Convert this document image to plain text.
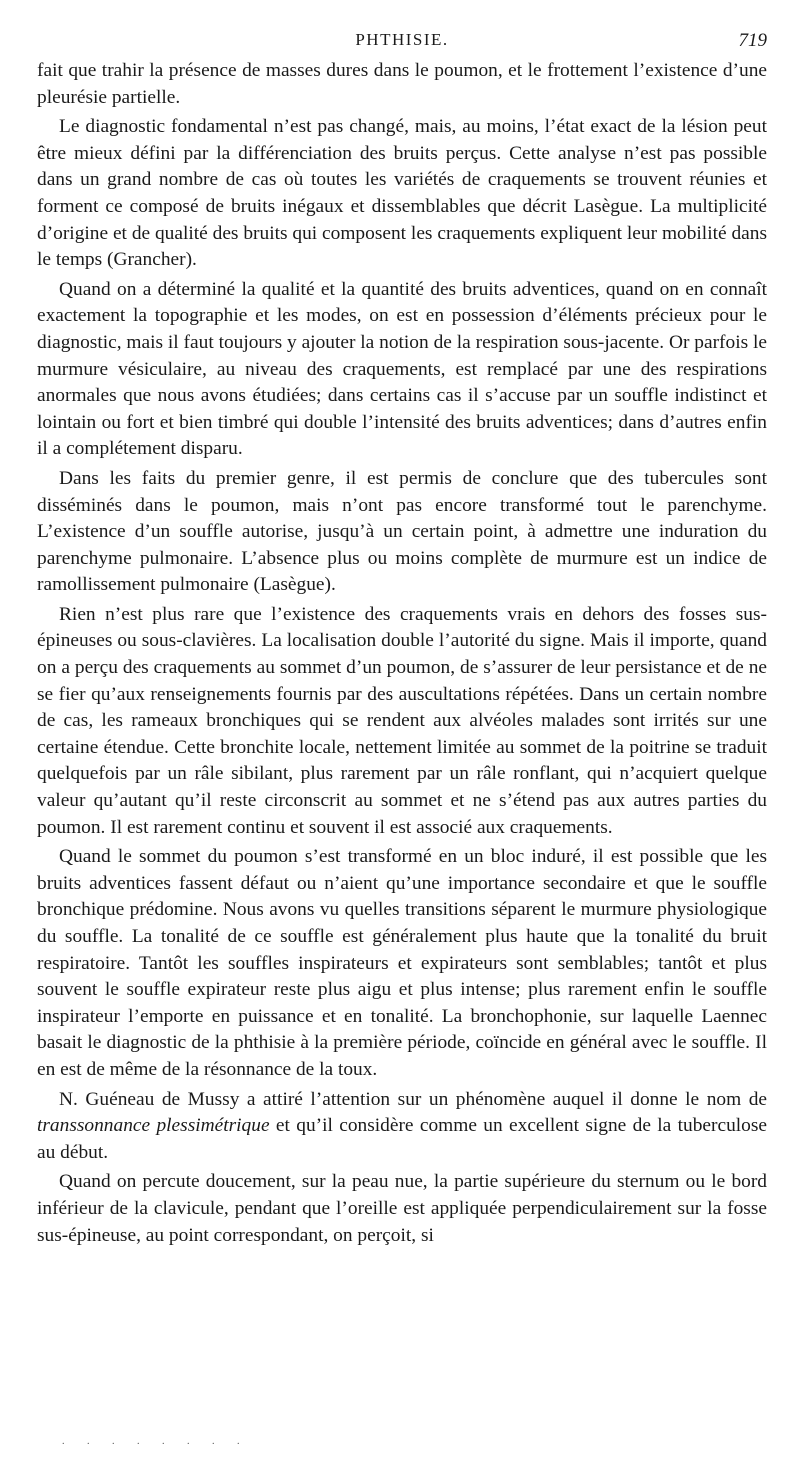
PHTHISIE.	719

fait que trahir la présence de masses dures dans le poumon, et le frottement l’existence d’une pleurésie partielle.

Le diagnostic fondamental n’est pas changé, mais, au moins, l’état exact de la lésion peut être mieux défini par la différenciation des bruits perçus. Cette analyse n’est pas possible dans un grand nombre de cas où toutes les variétés de craquements se trouvent réunies et forment ce composé de bruits inégaux et dissemblables que décrit Lasègue. La multiplicité d’origine et de qualité des bruits qui composent les craquements expliquent leur mobilité dans le temps (Grancher).

Quand on a déterminé la qualité et la quantité des bruits adventices, quand on en connaît exactement la topographie et les modes, on est en possession d’éléments précieux pour le diagnostic, mais il faut toujours y ajouter la notion de la respiration sous-jacente. Or parfois le murmure vésiculaire, au niveau des craquements, est remplacé par une des respirations anormales que nous avons étudiées; dans certains cas il s’accuse par un souffle indistinct et lointain ou fort et bien timbré qui double l’intensité des bruits adventices; dans d’autres enfin il a complétement disparu.

Dans les faits du premier genre, il est permis de conclure que des tubercules sont disséminés dans le poumon, mais n’ont pas encore transformé tout le parenchyme. L’existence d’un souffle autorise, jusqu’à un certain point, à admettre une induration du parenchyme pulmonaire. L’absence plus ou moins complète de murmure est un indice de ramollissement pulmonaire (Lasègue).

Rien n’est plus rare que l’existence des craquements vrais en dehors des fosses sus-épineuses ou sous-clavières. La localisation double l’autorité du signe. Mais il importe, quand on a perçu des craquements au sommet d’un poumon, de s’assurer de leur persistance et de ne se fier qu’aux renseignements fournis par des auscultations répétées. Dans un certain nombre de cas, les rameaux bronchiques qui se rendent aux alvéoles malades sont irrités sur une certaine étendue. Cette bronchite locale, nettement limitée au sommet de la poitrine se traduit quelquefois par un râle sibilant, plus rarement par un râle ronflant, qui n’acquiert quelque valeur qu’autant qu’il reste circonscrit au sommet et ne s’étend pas aux autres parties du poumon. Il est rarement continu et souvent il est associé aux craquements.

Quand le sommet du poumon s’est transformé en un bloc induré, il est possible que les bruits adventices fassent défaut ou n’aient qu’une importance secondaire et que le souffle bronchique prédomine. Nous avons vu quelles transitions séparent le murmure physiologique du souffle. La tonalité de ce souffle est généralement plus haute que la tonalité du bruit respiratoire. Tantôt les souffles inspirateurs et expirateurs sont semblables; tantôt et plus souvent le souffle expirateur reste plus aigu et plus intense; plus rarement enfin le souffle inspirateur l’emporte en puissance et en tonalité. La bronchophonie, sur laquelle Laennec basait le diagnostic de la phthisie à la première période, coïncide en général avec le souffle. Il en est de même de la résonnance de la toux.

N. Guéneau de Mussy a attiré l’attention sur un phénomène auquel il donne le nom de transsonnance plessimétrique et qu’il considère comme un excellent signe de la tuberculose au début.

Quand on percute doucement, sur la peau nue, la partie supérieure du sternum ou le bord inférieur de la clavicule, pendant que l’oreille est appliquée perpendiculairement sur la fosse sus-épineuse, au point correspondant, on perçoit, si

. . . . . . . .
